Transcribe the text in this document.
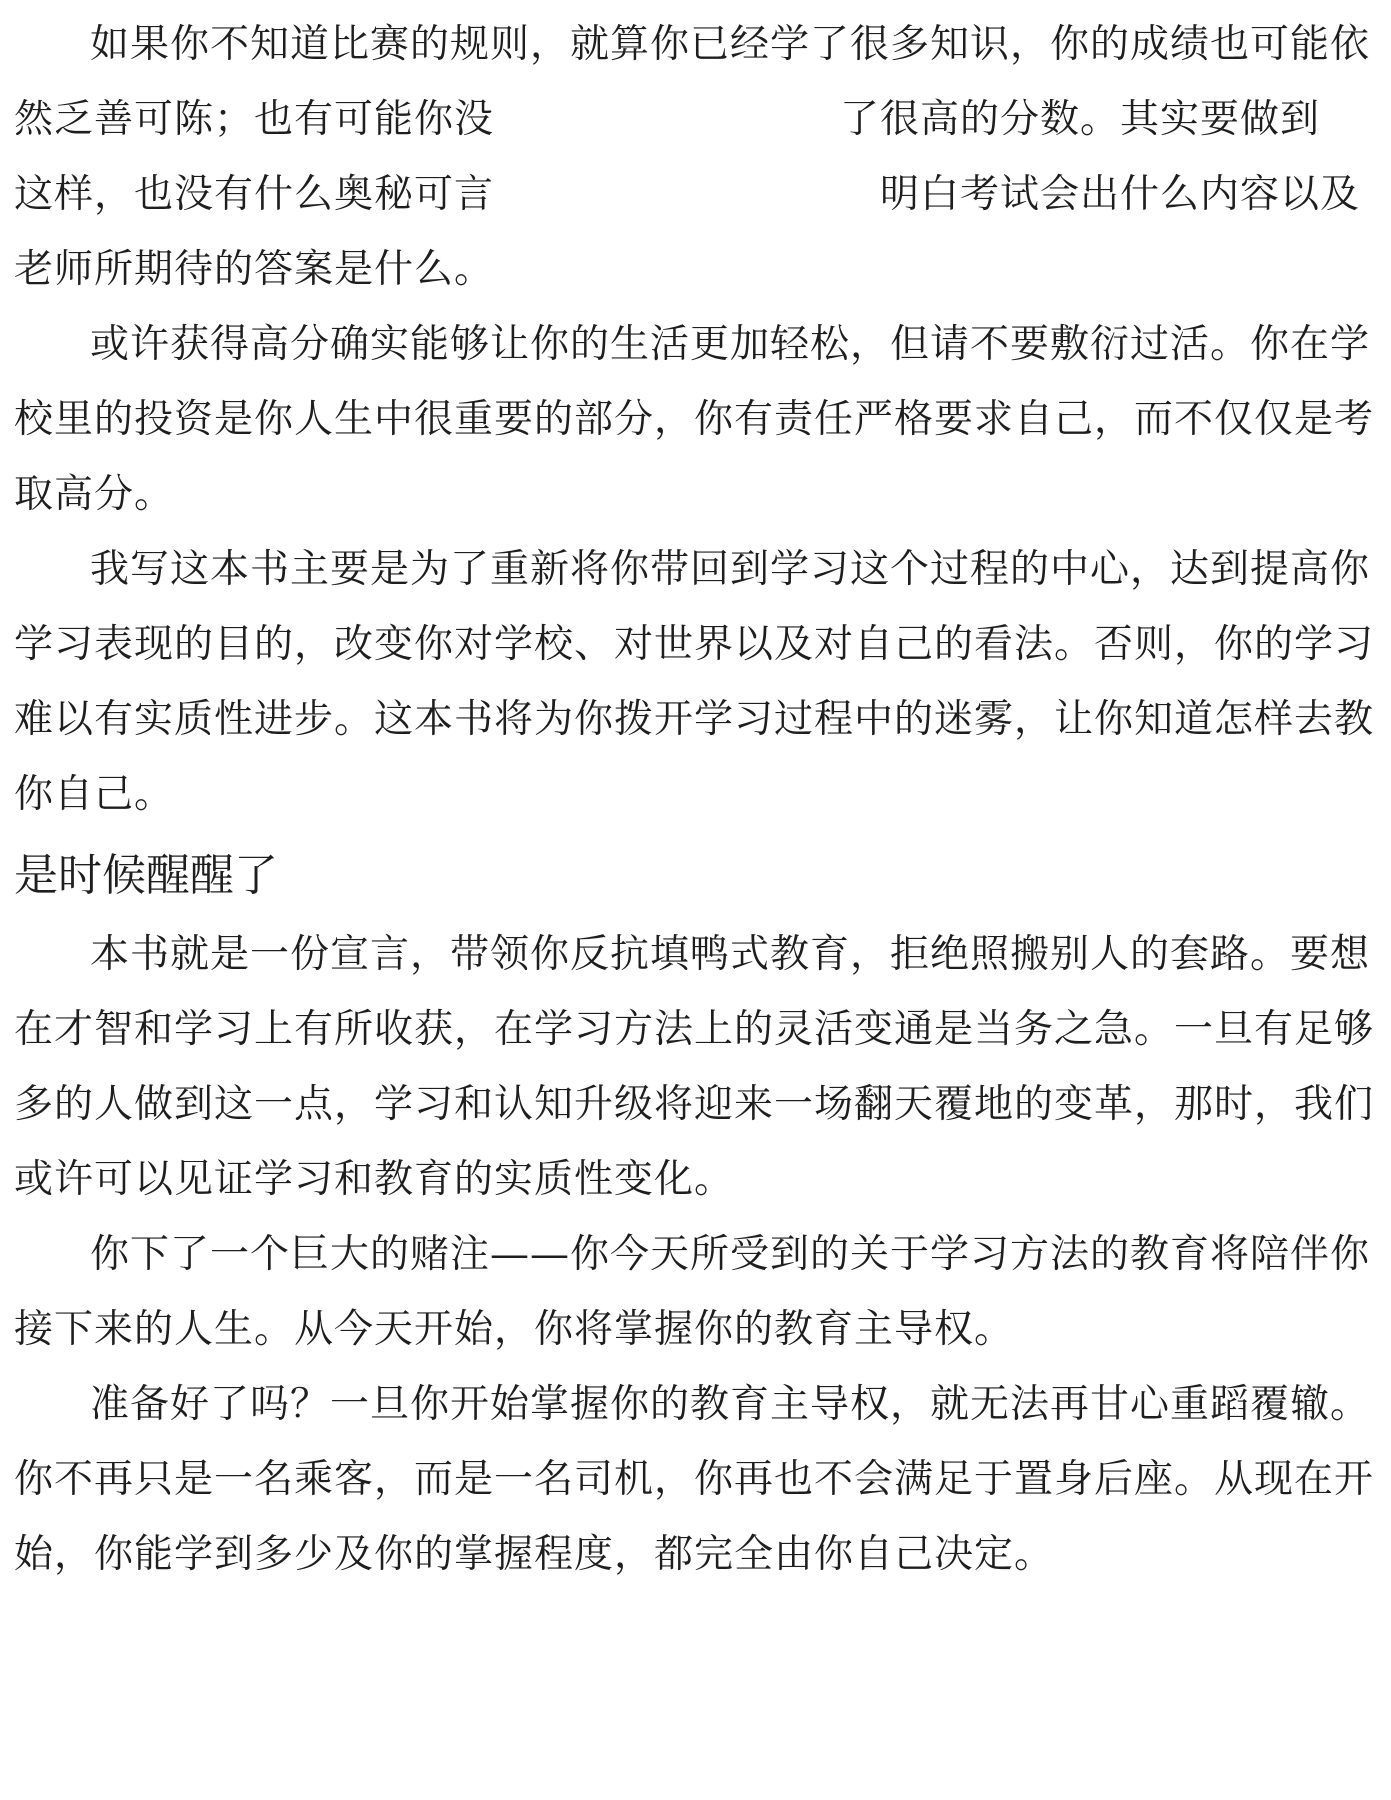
如果你不知道比赛的规则，就算你已经学了很多知识，你的成绩也可能依
然乏善可陈；也有可能你没	了很高的分数。其实要做到
这样，也没有什么奥秘可言	明白考试会出什么内容以及
老师所期待的答案是什么。
或许获得高分确实能够让你的生活更加轻松，但请不要敷衍过活。你在学
校里的投资是你人生中很重要的部分，你有责任严格要求自己，而不仅仅是考
取高分。
我写这本书主要是为了重新将你带回到学习这个过程的中心，达到提高你
学习表现的目的，改变你对学校、对世界以及对自己的看法。否则，你的学习
难以有实质性进步。这本书将为你拨开学习过程中的迷雾，让你知道怎样去教
你自己。
是时候醒醒了
本书就是一份宣言，带领你反抗填鸭式教育，拒绝照搬别人的套路。要想
在才智和学习上有所收获，在学习方法上的灵活变通是当务之急。一旦有足够
多的人做到这一点，学习和认知升级将迎来一场翻天覆地的变革，那时，我们
或许可以见证学习和教育的实质性变化。
你下了一个巨大的赌注——你今天所受到的关于学习方法的教育将陪伴你
接下来的人生。从今天开始，你将掌握你的教育主导权。
准备好了吗？一旦你开始掌握你的教育主导权，就无法再甘心重蹈覆辙。
你不再只是一名乘客，而是一名司机，你再也不会满足于置身后座。从现在开
始，你能学到多少及你的掌握程度，都完全由你自己决定。
